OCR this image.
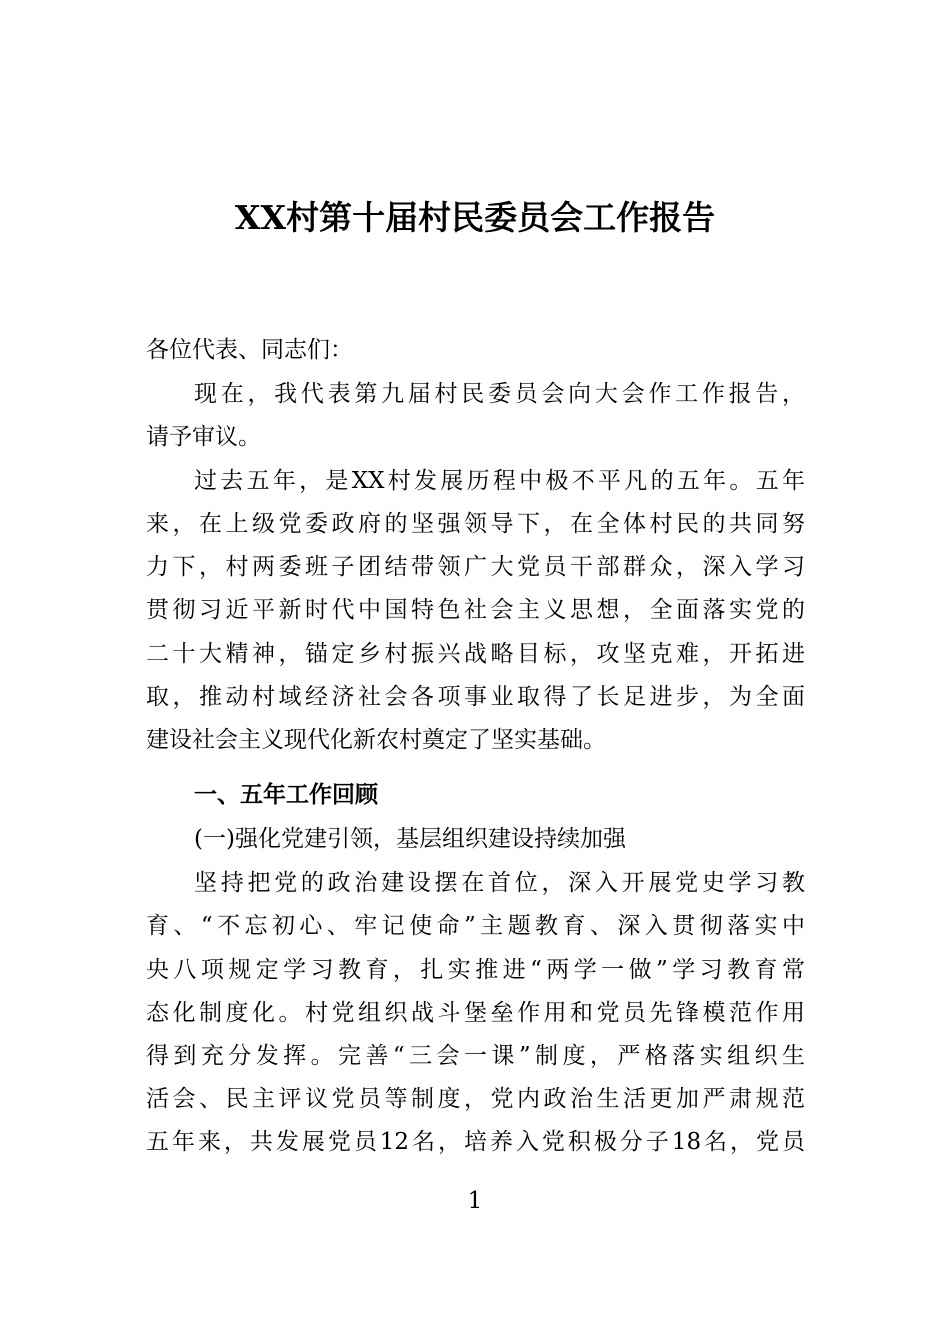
XX村第十届村民委员会工作报告
各位代表、同志们：
现在，我代表第九届村民委员会向大会作工作报告，
请予审议。
过去五年，是XX村发展历程中极不平凡的五年。五年
来，在上级党委政府的坚强领导下，在全体村民的共同努
力下，村两委班子团结带领广大党员干部群众，深入学习
贯彻习近平新时代中国特色社会主义思想，全面落实党的
二十大精神，锚定乡村振兴战略目标，攻坚克难，开拓进
取，推动村域经济社会各项事业取得了长足进步，为全面
建设社会主义现代化新农村奠定了坚实基础。
一、五年工作回顾
(一)强化党建引领，基层组织建设持续加强
坚持把党的政治建设摆在首位，深入开展党史学习教
育、“不忘初心、牢记使命”主题教育、深入贯彻落实中
央八项规定学习教育，扎实推进“两学一做”学习教育常
态化制度化。村党组织战斗堡垒作用和党员先锋模范作用
得到充分发挥。完善“三会一课”制度，严格落实组织生
活会、民主评议党员等制度，党内政治生活更加严肃规范
五年来，共发展党员12名，培养入党积极分子18名，党员
1
